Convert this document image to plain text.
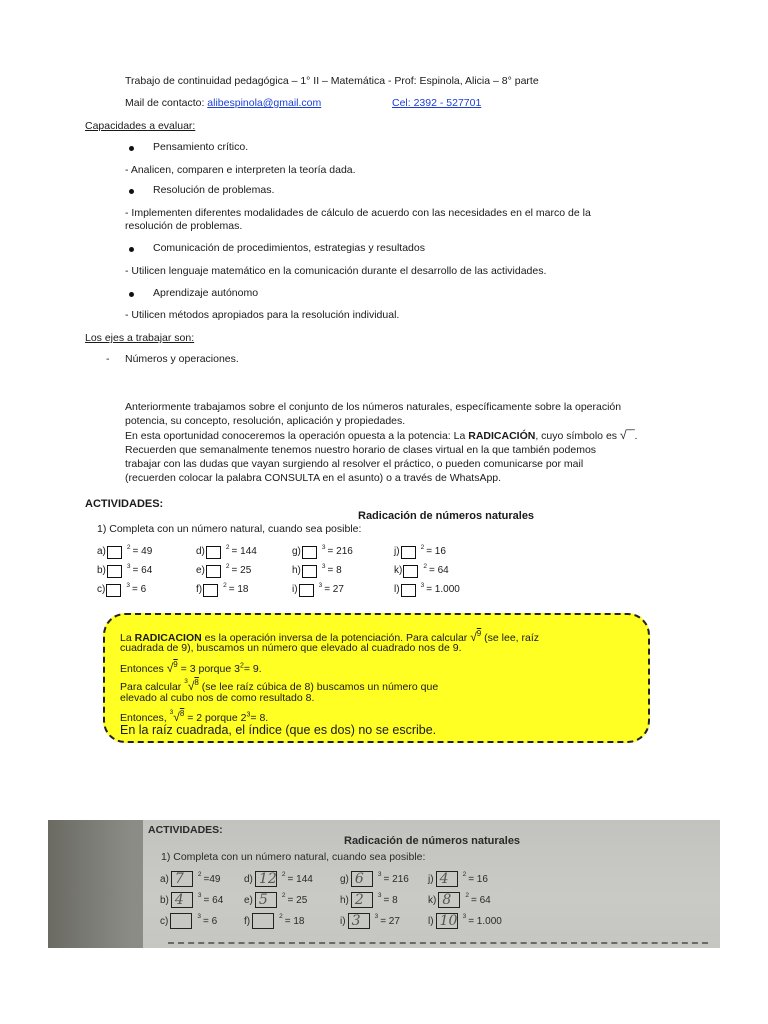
Trabajo de continuidad pedagógica – 1° II – Matemática - Prof: Espinola, Alicia – 8° parte
Mail de contacto: alibespinola@gmail.com	Cel: 2392 - 527701
Capacidades a evaluar:
Pensamiento crítico.
- Analicen, comparen e interpreten la teoría dada.
Resolución de problemas.
- Implementen diferentes modalidades de cálculo de acuerdo con las necesidades en el marco de la
resolución de problemas.
Comunicación de procedimientos, estrategias y resultados
- Utilicen lenguaje matemático en la comunicación durante el desarrollo de las actividades.
Aprendizaje autónomo
- Utilicen métodos apropiados para la resolución individual.
Los ejes a trabajar son:
- Números y operaciones.
Anteriormente trabajamos sobre el conjunto de los números naturales, específicamente sobre la operación
potencia, su concepto, resolución, aplicación y propiedades.
En esta oportunidad conoceremos la operación opuesta a la potencia: La RADICACIÓN, cuyo símbolo es √‾‾.
Recuerden que semanalmente tenemos nuestro horario de clases virtual en la que también podemos
trabajar con las dudas que vayan surgiendo al resolver el práctico, o pueden comunicarse por mail
(recuerden colocar la palabra CONSULTA en el asunto) o a través de WhatsApp.
ACTIVIDADES:
Radicación de números naturales
1) Completa con un número natural, cuando sea posible:
a)	$^2$ = 49	d)	$^2$ = 144	g)	$^3$ = 216	j)	$^2$ = 16
b)	$^3$ = 64	e)	$^2$ = 25	h)	$^3$ = 8	k)	$^2$ = 64
c)	$^3$ = 6	f)	$^2$ = 18	i)	$^3$ = 27	l)	$^3$ = 1.000
La RADICACION es la operación inversa de la potenciación. Para calcular √$^9$ (se lee, raíz
cuadrada de 9), buscamos un número que elevado al cuadrado nos de 9.
Entonces √$^9$ = 3 porque $3^2= 9$.
Para calcular $^3$√$^8$ (se lee raíz cúbica de 8) buscamos un número que
elevado al cubo nos de como resultado 8.
Entonces, $^3$√$^8$ = 2 porque $2^3= 8$.
En la raíz cuadrada, el índice (que es dos) no se escribe.
ACTIVIDADES:
Radicación de números naturales
1) Completa con un número natural, cuando sea posible:
a) 7 $^2$ =49 d) 12 $^2$ = 144	g) 6 $^3$ = 216 j) 4 $^2$ = 16
b) 4 $^3$ = 64 e) 5 $^2$ = 25	h) 2 $^3$ = 8	k) 8 $^2$ = 64
c)	$^3$ = 6	f)	$^2$ = 18	i) 3 $^3$ = 27	l) 10 $^3$ = 1.000
